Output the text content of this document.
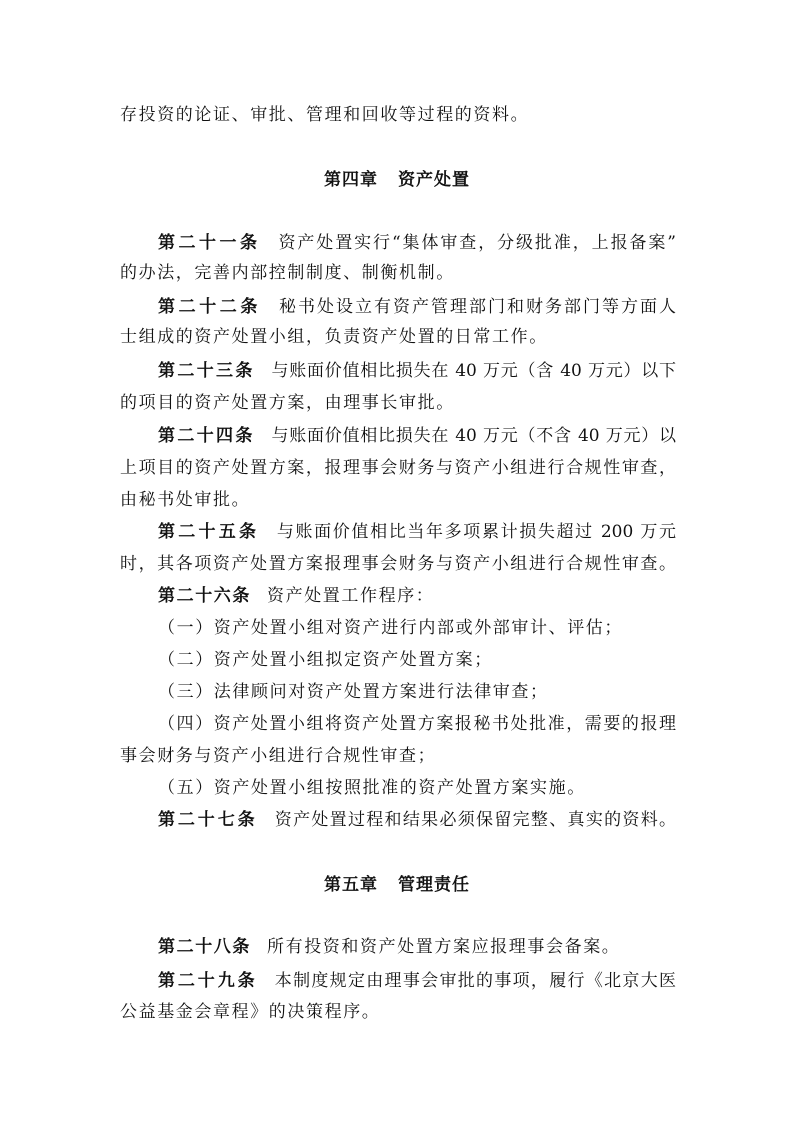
存投资的论证、审批、管理和回收等过程的资料。
第四章 资产处置
第二十一条 资产处置实行“集体审查，分级批准，上报备案”
的办法，完善内部控制制度、制衡机制。
第二十二条 秘书处设立有资产管理部门和财务部门等方面人
士组成的资产处置小组，负责资产处置的日常工作。
第二十三条 与账面价值相比损失在 40 万元（含 40 万元）以下
的项目的资产处置方案，由理事长审批。
第二十四条 与账面价值相比损失在 40 万元（不含 40 万元）以
上项目的资产处置方案，报理事会财务与资产小组进行合规性审查，
由秘书处审批。
第二十五条 与账面价值相比当年多项累计损失超过 200 万元
时，其各项资产处置方案报理事会财务与资产小组进行合规性审查。
第二十六条 资产处置工作程序：
（一）资产处置小组对资产进行内部或外部审计、评估；
（二）资产处置小组拟定资产处置方案；
（三）法律顾问对资产处置方案进行法律审查；
（四）资产处置小组将资产处置方案报秘书处批准，需要的报理
事会财务与资产小组进行合规性审查；
（五）资产处置小组按照批准的资产处置方案实施。
第二十七条 资产处置过程和结果必须保留完整、真实的资料。
第五章 管理责任
第二十八条 所有投资和资产处置方案应报理事会备案。
第二十九条 本制度规定由理事会审批的事项，履行《北京大医
公益基金会章程》的决策程序。
